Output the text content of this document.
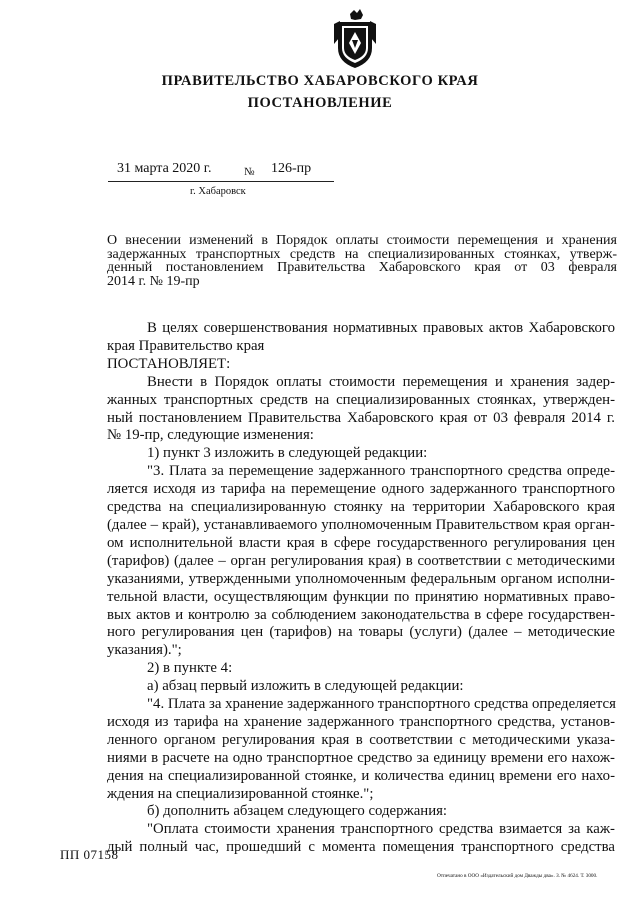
ПРАВИТЕЛЬСТВО ХАБАРОВСКОГО КРАЯ
ПОСТАНОВЛЕНИЕ
31 марта 2020 г.	№ 126-пр
г. Хабаровск
О внесении изменений в Порядок оплаты стоимости перемещения и хранения
задержанных транспортных средств на специализированных стоянках, утверж-
денный постановлением Правительства Хабаровского края от 03 февраля
2014 г. № 19-пр
В целях совершенствования нормативных правовых актов Хабаровского
края Правительство края
ПОСТАНОВЛЯЕТ:
Внести в Порядок оплаты стоимости перемещения и хранения задер-
жанных транспортных средств на специализированных стоянках, утвержден-
ный постановлением Правительства Хабаровского края от 03 февраля 2014 г.
№ 19-пр, следующие изменения:
1) пункт 3 изложить в следующей редакции:
"3. Плата за перемещение задержанного транспортного средства опреде-
ляется исходя из тарифа на перемещение одного задержанного транспортного
средства на специализированную стоянку на территории Хабаровского края
(далее – край), устанавливаемого уполномоченным Правительством края орган-
ом исполнительной власти края в сфере государственного регулирования цен
(тарифов) (далее – орган регулирования края) в соответствии с методическими
указаниями, утвержденными уполномоченным федеральным органом исполни-
тельной власти, осуществляющим функции по принятию нормативных право-
вых актов и контролю за соблюдением законодательства в сфере государствен-
ного регулирования цен (тарифов) на товары (услуги) (далее – методические
указания).";
2) в пункте 4:
а) абзац первый изложить в следующей редакции:
"4. Плата за хранение задержанного транспортного средства определяется
исходя из тарифа на хранение задержанного транспортного средства, установ-
ленного органом регулирования края в соответствии с методическими указа-
ниями в расчете на одно транспортное средство за единицу времени его нахож-
дения на специализированной стоянке, и количества единиц времени его нахо-
ждения на специализированной стоянке.";
б) дополнить абзацем следующего содержания:
"Оплата стоимости хранения транспортного средства взимается за каж-
дый полный час, прошедший с момента помещения транспортного средства
ПП 07158
Отпечатано в ООО «Издательский дом Дважды два». З. № 4624. Т. 3000.
